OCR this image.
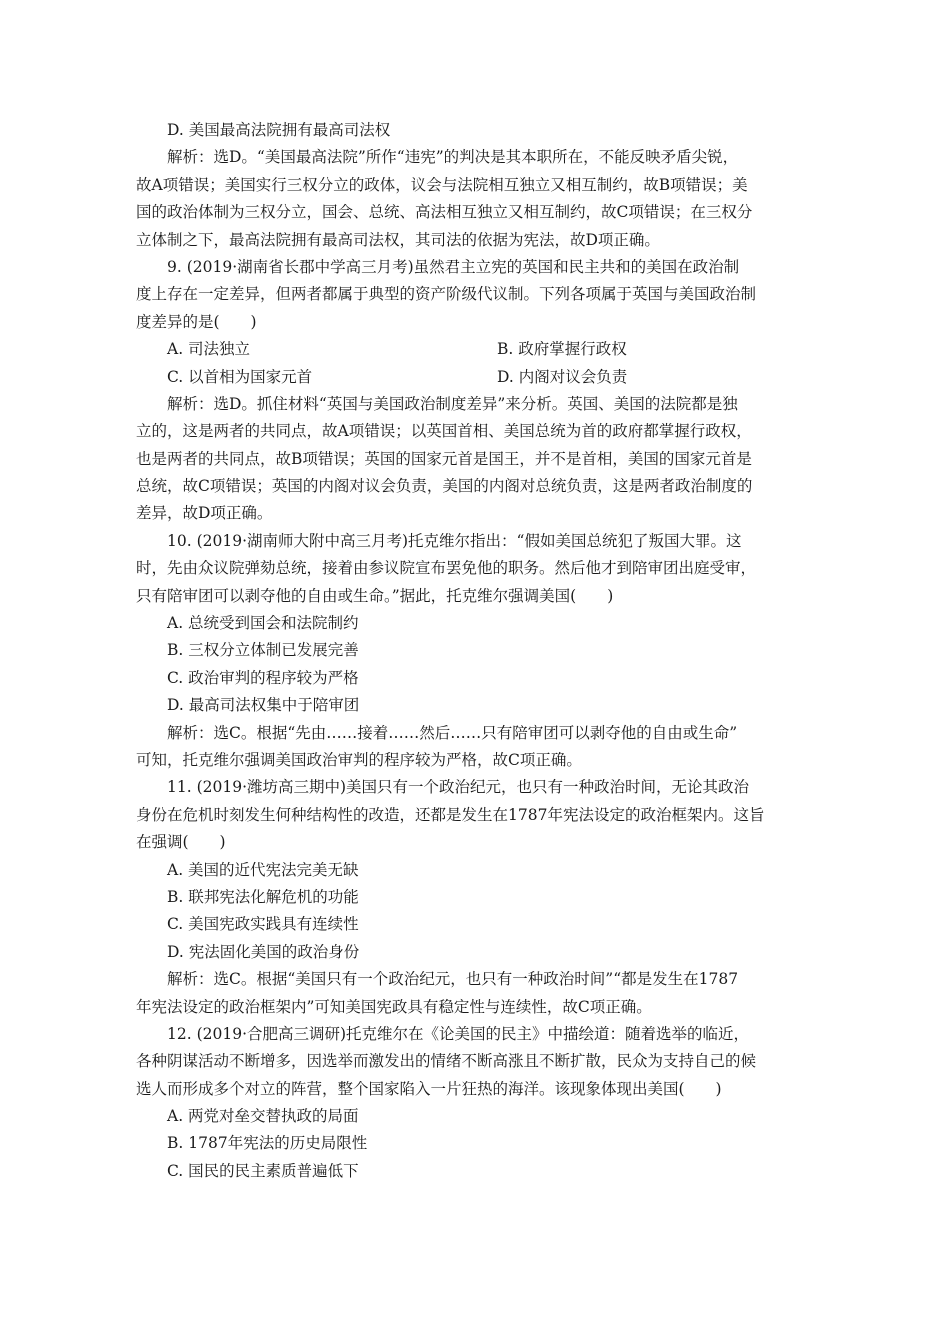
D. 美国最高法院拥有最高司法权
解析：选D。“美国最高法院”所作“违宪”的判决是其本职所在，不能反映矛盾尖锐，
故A项错误；美国实行三权分立的政体，议会与法院相互独立又相互制约，故B项错误；美
国的政治体制为三权分立，国会、总统、高法相互独立又相互制约，故C项错误；在三权分
立体制之下，最高法院拥有最高司法权，其司法的依据为宪法，故D项正确。
9. (2019·湖南省长郡中学高三月考)虽然君主立宪的英国和民主共和的美国在政治制
度上存在一定差异，但两者都属于典型的资产阶级代议制。下列各项属于英国与美国政治制
度差异的是(　　)
A. 司法独立	B. 政府掌握行政权
C. 以首相为国家元首	D. 内阁对议会负责
解析：选D。抓住材料“英国与美国政治制度差异”来分析。英国、美国的法院都是独
立的，这是两者的共同点，故A项错误；以英国首相、美国总统为首的政府都掌握行政权，
也是两者的共同点，故B项错误；英国的国家元首是国王，并不是首相，美国的国家元首是
总统，故C项错误；英国的内阁对议会负责，美国的内阁对总统负责，这是两者政治制度的
差异，故D项正确。
10. (2019·湖南师大附中高三月考)托克维尔指出：“假如美国总统犯了叛国大罪。这
时，先由众议院弹劾总统，接着由参议院宣布罢免他的职务。然后他才到陪审团出庭受审，
只有陪审团可以剥夺他的自由或生命。”据此，托克维尔强调美国(　　)
A. 总统受到国会和法院制约
B. 三权分立体制已发展完善
C. 政治审判的程序较为严格
D. 最高司法权集中于陪审团
解析：选C。根据“先由……接着……然后……只有陪审团可以剥夺他的自由或生命”
可知，托克维尔强调美国政治审判的程序较为严格，故C项正确。
11. (2019·潍坊高三期中)美国只有一个政治纪元，也只有一种政治时间，无论其政治
身份在危机时刻发生何种结构性的改造，还都是发生在1787年宪法设定的政治框架内。这旨
在强调(　　)
A. 美国的近代宪法完美无缺
B. 联邦宪法化解危机的功能
C. 美国宪政实践具有连续性
D. 宪法固化美国的政治身份
解析：选C。根据“美国只有一个政治纪元，也只有一种政治时间”“都是发生在1787
年宪法设定的政治框架内”可知美国宪政具有稳定性与连续性，故C项正确。
12. (2019·合肥高三调研)托克维尔在《论美国的民主》中描绘道：随着选举的临近，
各种阴谋活动不断增多，因选举而激发出的情绪不断高涨且不断扩散，民众为支持自己的候
选人而形成多个对立的阵营，整个国家陷入一片狂热的海洋。该现象体现出美国(　　)
A. 两党对垒交替执政的局面
B. 1787年宪法的历史局限性
C. 国民的民主素质普遍低下
